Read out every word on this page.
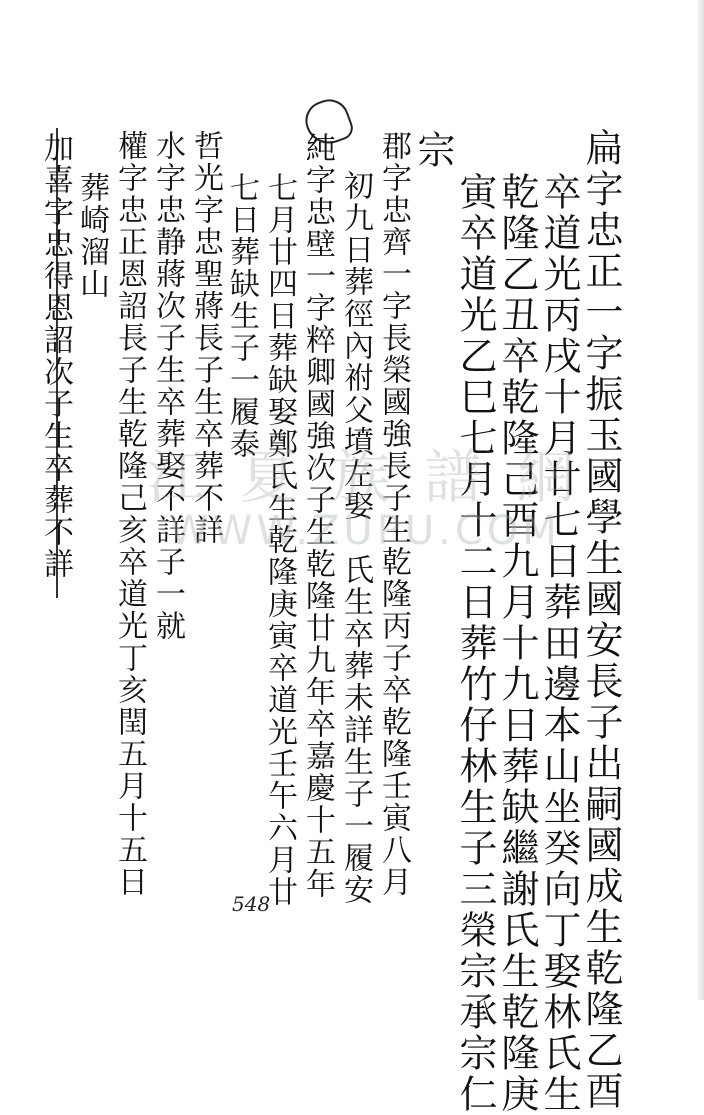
扁字忠正一字振玉國學生國安長子出嗣國成生乾隆乙酉
卒道光丙戌十月廿七日葬田邊本山坐癸向丁娶林氏生
乾隆乙丑卒乾隆己酉九月十九日葬缺繼謝氏生乾隆庚
寅卒道光乙巳七月十二日葬竹仔林生子三榮宗承宗仁
宗
郡字忠齊一字長榮國強長子生乾隆丙子卒乾隆壬寅八月
初九日葬徑內祔父墳左娶　氏生卒葬未詳生子一履安
純字忠壁一字粹卿國強次子生乾隆廿九年卒嘉慶十五年
七月廿四日葬缺娶鄭氏生乾隆庚寅卒道光壬午六月廿
七日葬缺生子一履泰
哲光字忠聖蔣長子生卒葬不詳
水字忠静蔣次子生卒葬娶不詳子一就
權字忠正恩詔長子生乾隆己亥卒道光丁亥閏五月十五日
葬崎溜山
加喜字忠得恩詔次子生卒葬不詳 江 夏 族 譜 網
WWW.ZUPU.COM
548
